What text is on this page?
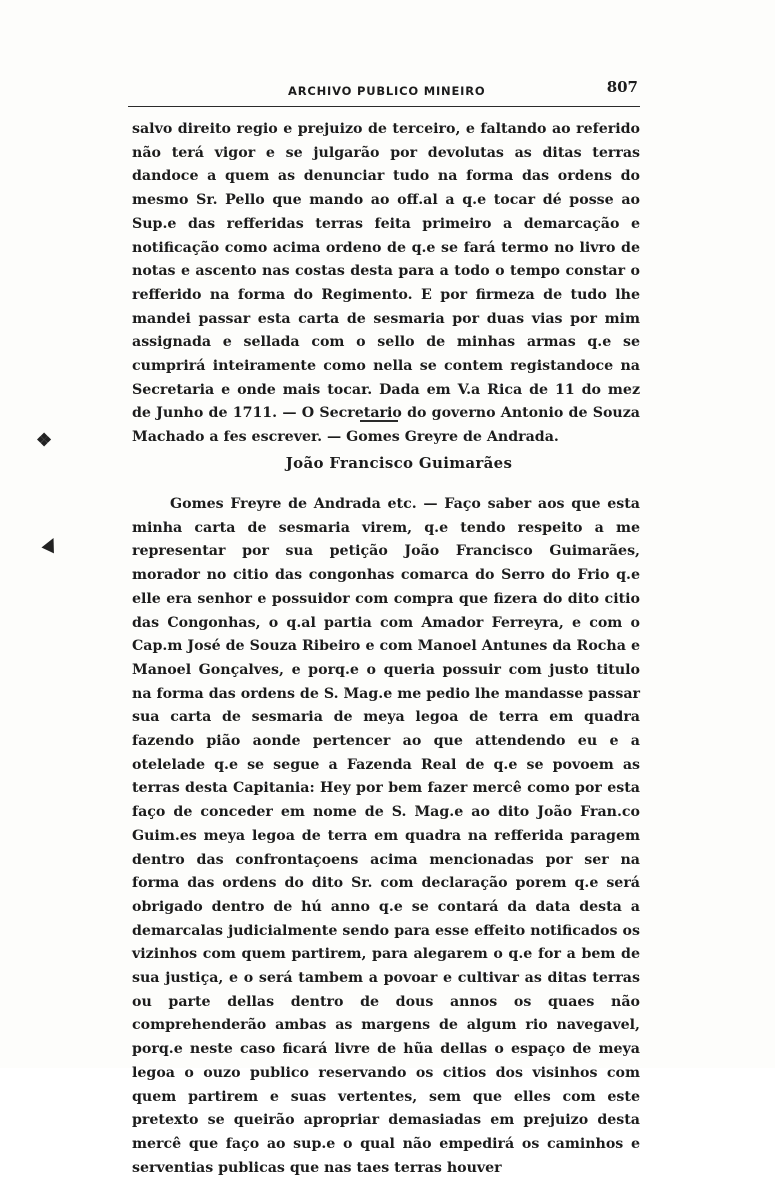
ARCHIVO PUBLICO MINEIRO	807

salvo direito regio e prejuizo de terceiro, e faltando ao referido não terá vigor e se julgarão por devolutas as ditas terras dandoce a quem as denunciar tudo na forma das ordens do mesmo Sr. Pello que mando ao off.al a q.e tocar dé posse ao Sup.e das refferidas terras feita primeiro a demarcação e notificação como acima ordeno de q.e se fará termo no livro de notas e ascento nas costas desta para a todo o tempo constar o refferido na forma do Regimento. E por firmeza de tudo lhe mandei passar esta carta de sesmaria por duas vias por mim assignada e sellada com o sello de minhas armas q.e se cumprirá inteiramente como nella se contem registandoce na Secretaria e onde mais tocar. Dada em V.a Rica de 11 do mez de Junho de 1711. — O Secretario do governo Antonio de Souza Machado a fes escrever. — Gomes Greyre de Andrada.

João Francisco Guimarães

Gomes Freyre de Andrada etc. — Faço saber aos que esta minha carta de sesmaria virem, q.e tendo respeito a me representar por sua petição João Francisco Guimarães, morador no citio das congonhas comarca do Serro do Frio q.e elle era senhor e possuidor com compra que fizera do dito citio das Congonhas, o q.al partia com Amador Ferreyra, e com o Cap.m José de Souza Ribeiro e com Manoel Antunes da Rocha e Manoel Gonçalves, e porq.e o queria possuir com justo titulo na forma das ordens de S. Mag.e me pedio lhe mandasse passar sua carta de sesmaria de meya legoa de terra em quadra fazendo pião aonde pertencer ao que attendendo eu e a otelelade q.e se segue a Fazenda Real de q.e se povoem as terras desta Capitania: Hey por bem fazer mercê como por esta faço de conceder em nome de S. Mag.e ao dito João Fran.co Guim.es meya legoa de terra em quadra na refferida paragem dentro das confrontaçoens acima mencionadas por ser na forma das ordens do dito Sr. com declaração porem q.e será obrigado dentro de hú anno q.e se contará da data desta a demarcalas judicialmente sendo para esse effeito notificados os vizinhos com quem partirem, para alegarem o q.e for a bem de sua justiça, e o será tambem a povoar e cultivar as ditas terras ou parte dellas dentro de dous annos os quaes não comprehenderão ambas as margens de algum rio navegavel, porq.e neste caso ficará livre de hũa dellas o espaço de meya legoa o ouzo publico reservando os citios dos visinhos com quem partirem e suas vertentes, sem que elles com este pretexto se queirão apropriar demasiadas em prejuizo desta mercê que faço ao sup.e o qual não empedirá os caminhos e serventias publicas que nas taes terras houver

❖
▲
